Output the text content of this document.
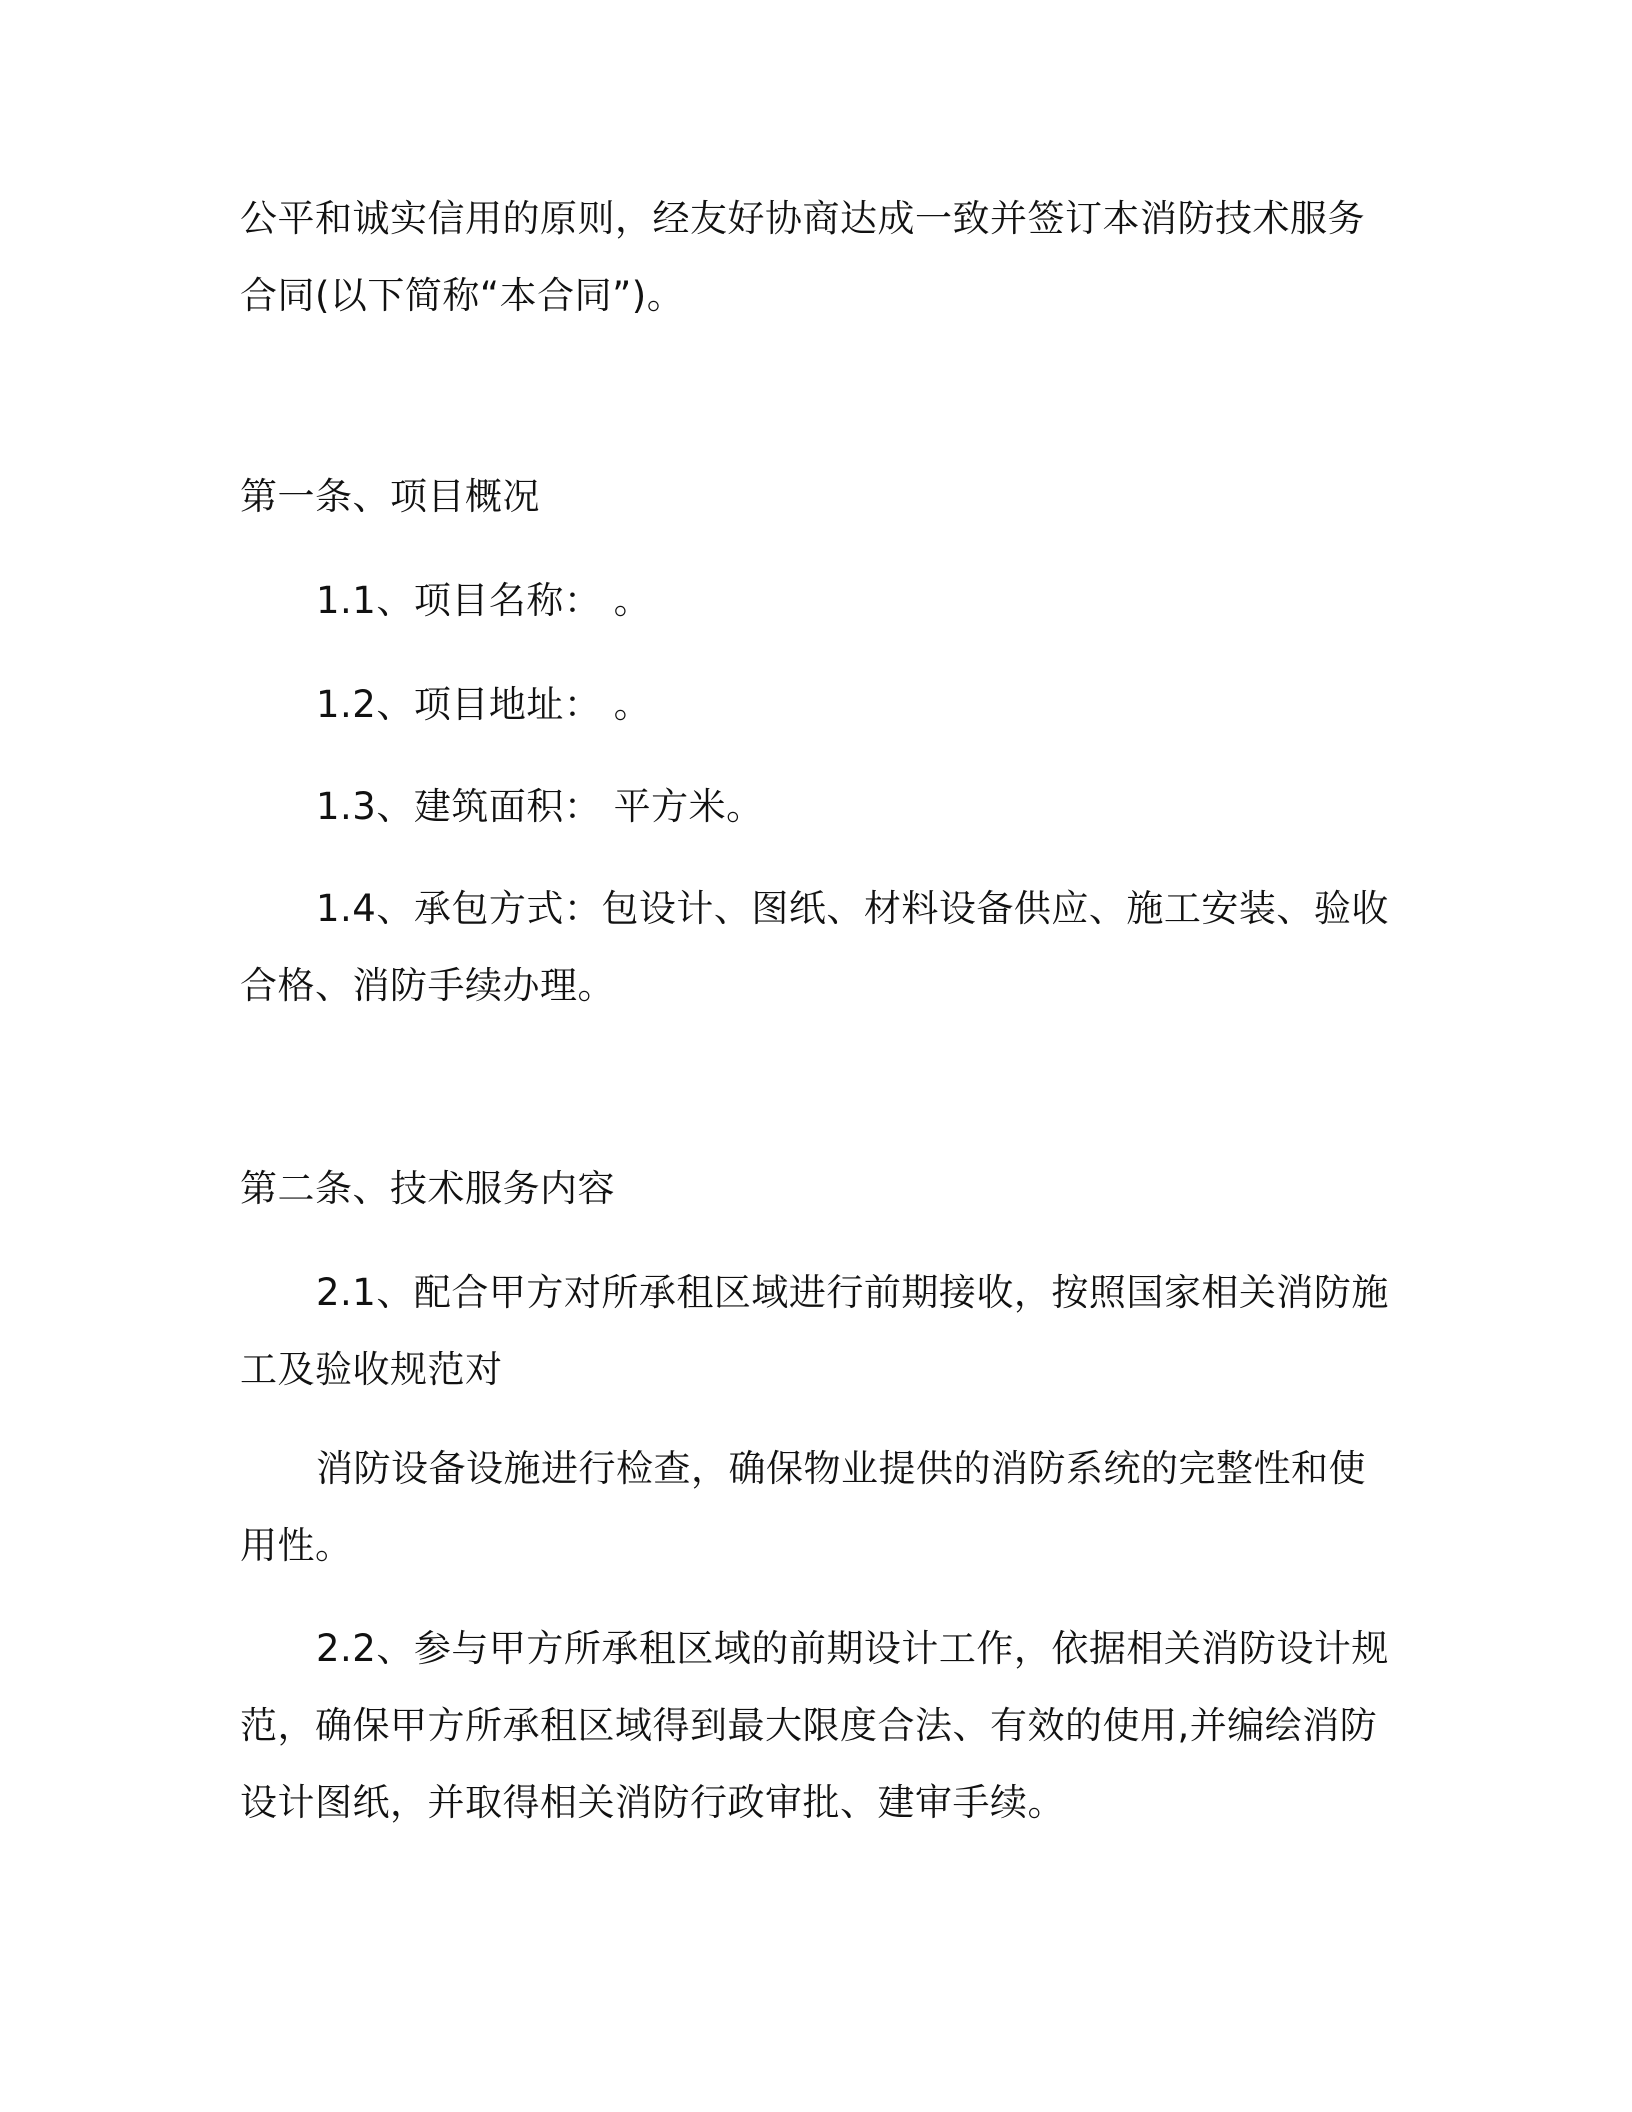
公平和诚实信用的原则，经友好协商达成一致并签订本消防技术服务
合同(以下简称“本合同”)。

第一条、项目概况

1.1、项目名称： 。

1.2、项目地址： 。

1.3、建筑面积： 平方米。

1.4、承包方式：包设计、图纸、材料设备供应、施工安装、验收
合格、消防手续办理。

第二条、技术服务内容

2.1、配合甲方对所承租区域进行前期接收，按照国家相关消防施
工及验收规范对

消防设备设施进行检查，确保物业提供的消防系统的完整性和使
用性。

2.2、参与甲方所承租区域的前期设计工作，依据相关消防设计规
范，确保甲方所承租区域得到最大限度合法、有效的使用,并编绘消防
设计图纸，并取得相关消防行政审批、建审手续。
